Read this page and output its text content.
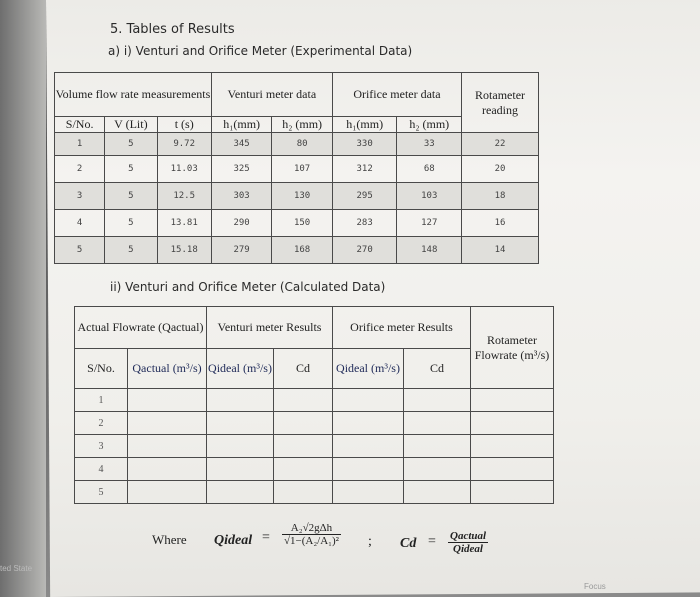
5. Tables of Results
a) i) Venturi and Orifice Meter (Experimental Data)
Volume flow rate measurements			Venturi meter data		Orifice meter data		Rotameter reading
S/No.	V (Lit)	t (s)	h₁(mm)	h₂ (mm)	h₁(mm)	h₂ (mm)	
1	5	9.72	345	80	330	33	22
2	5	11.03	325	107	312	68	20
3	5	12.5	303	130	295	103	18
4	5	13.81	290	150	283	127	16
5	5	15.18	279	168	270	148	14
ii) Venturi and Orifice Meter (Calculated Data)
Actual Flowrate (Qactual)		Venturi meter Results		Orifice meter Results		Rotameter Flowrate (m³/s)
S/No.	Qactual (m³/s)	Qideal (m³/s)	Cd	Qideal (m³/s)	Cd	
1						
2						
3						
4						
5						
Where Qideal = $\frac{\text{A₂√2gΔh}}{\text{√1−(A₂/A₁)²}}$ ; $Cd = \frac{\text{Qactual}}{\text{Qideal}}$
ted State
Focus
